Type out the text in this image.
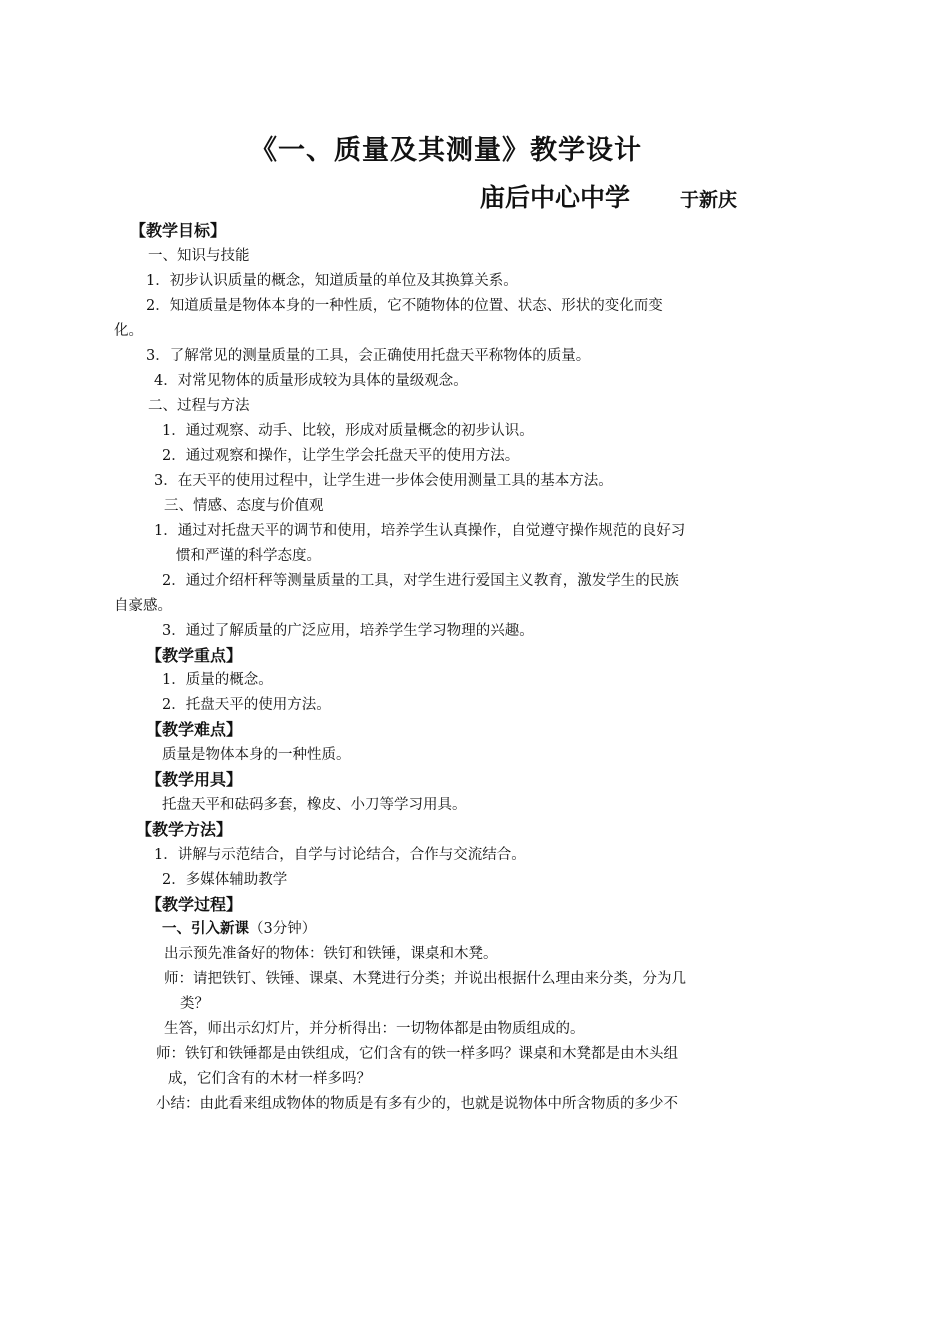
《一、质量及其测量》教学设计
庙后中心中学	于新庆
【教学目标】
一、知识与技能
1．初步认识质量的概念，知道质量的单位及其换算关系。
2．知道质量是物体本身的一种性质，它不随物体的位置、状态、形状的变化而变
化。
3．了解常见的测量质量的工具，会正确使用托盘天平称物体的质量。
4．对常见物体的质量形成较为具体的量级观念。
二、过程与方法
1．通过观察、动手、比较，形成对质量概念的初步认识。
2．通过观察和操作，让学生学会托盘天平的使用方法。
3．在天平的使用过程中，让学生进一步体会使用测量工具的基本方法。
三、情感、态度与价值观
1．通过对托盘天平的调节和使用，培养学生认真操作，自觉遵守操作规范的良好习
惯和严谨的科学态度。
2．通过介绍杆秤等测量质量的工具，对学生进行爱国主义教育，激发学生的民族
自豪感。
3．通过了解质量的广泛应用，培养学生学习物理的兴趣。
【教学重点】
1．质量的概念。
2．托盘天平的使用方法。
【教学难点】
质量是物体本身的一种性质。
【教学用具】
托盘天平和砝码多套，橡皮、小刀等学习用具。
【教学方法】
1．讲解与示范结合，自学与讨论结合，合作与交流结合。
2．多媒体辅助教学
【教学过程】
一、引入新课（3分钟）
出示预先准备好的物体：铁钉和铁锤，课桌和木凳。
师：请把铁钉、铁锤、课桌、木凳进行分类；并说出根据什么理由来分类，分为几
类？
生答，师出示幻灯片，并分析得出：一切物体都是由物质组成的。
师：铁钉和铁锤都是由铁组成，它们含有的铁一样多吗？课桌和木凳都是由木头组
成，它们含有的木材一样多吗？
小结：由此看来组成物体的物质是有多有少的，也就是说物体中所含物质的多少不
